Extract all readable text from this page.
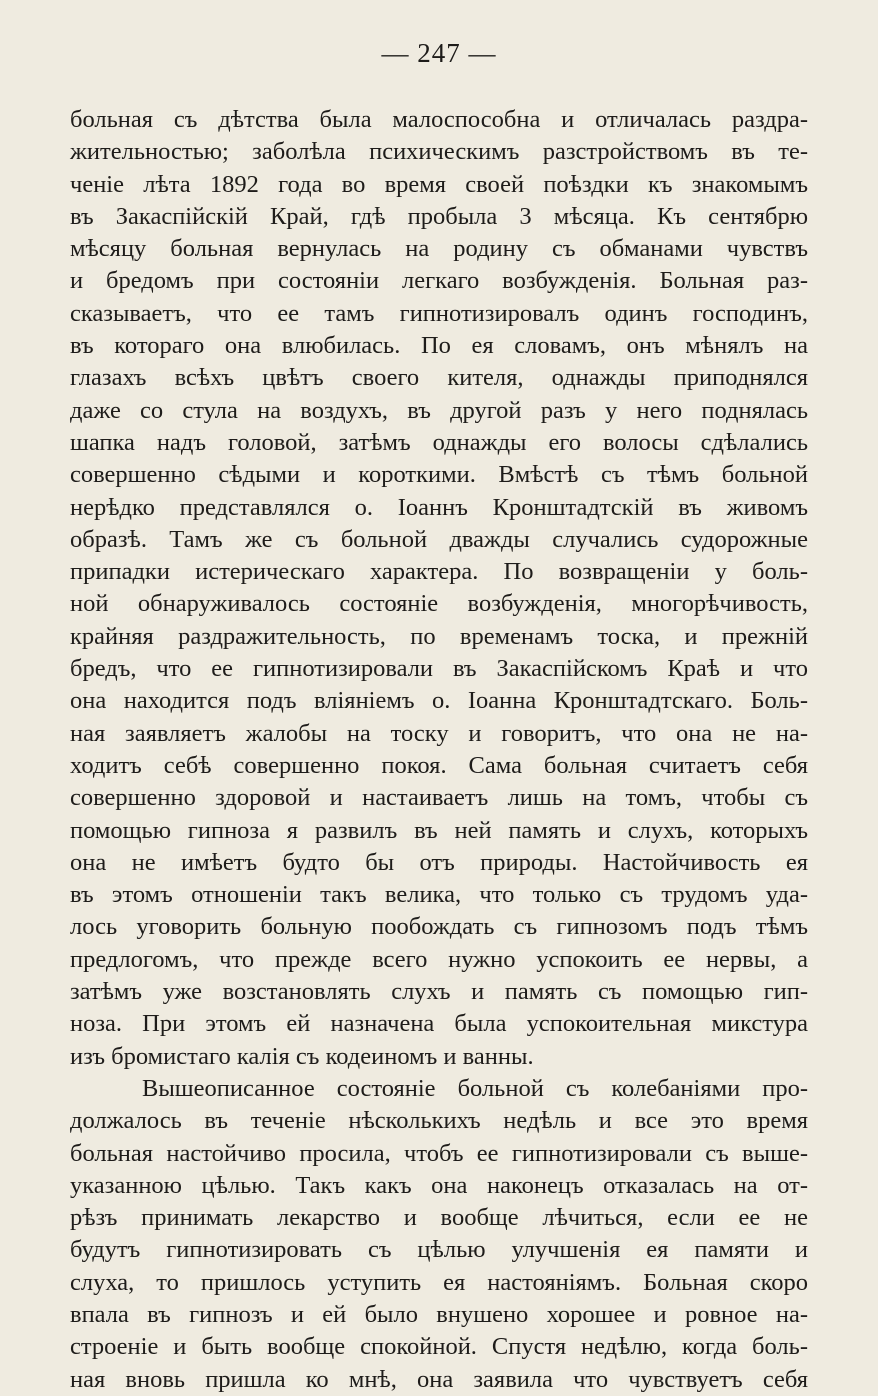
— 247 —
больная съ дѣтства была малоспособна и отличалась раздра-
жительностью; заболѣла психическимъ разстройствомъ въ те-
ченіе лѣта 1892 года во время своей поѣздки къ знакомымъ
въ Закаспійскій Край, гдѣ пробыла 3 мѣсяца. Къ сентябрю
мѣсяцу больная вернулась на родину съ обманами чувствъ
и бредомъ при состояніи легкаго возбужденія. Больная раз-
сказываетъ, что ее тамъ гипнотизировалъ одинъ господинъ,
въ котораго она влюбилась. По ея словамъ, онъ мѣнялъ на
глазахъ всѣхъ цвѣтъ своего кителя, однажды приподнялся
даже со стула на воздухъ, въ другой разъ у него поднялась
шапка надъ головой, затѣмъ однажды его волосы сдѣлались
совершенно сѣдыми и короткими. Вмѣстѣ съ тѣмъ больной
нерѣдко представлялся о. Іоаннъ Кронштадтскій въ живомъ
образѣ. Тамъ же съ больной дважды случались судорожные
припадки истерическаго характера. По возвращеніи у боль-
ной обнаруживалось состояніе возбужденія, многорѣчивость,
крайняя раздражительность, по временамъ тоска, и прежній
бредъ, что ее гипнотизировали въ Закаспійскомъ Краѣ и что
она находится подъ вліяніемъ о. Іоанна Кронштадтскаго. Боль-
ная заявляетъ жалобы на тоску и говоритъ, что она не на-
ходитъ себѣ совершенно покоя. Сама больная считаетъ себя
совершенно здоровой и настаиваетъ лишь на томъ, чтобы съ
помощью гипноза я развилъ въ ней память и слухъ, которыхъ
она не имѣетъ будто бы отъ природы. Настойчивость ея
въ этомъ отношеніи такъ велика, что только съ трудомъ уда-
лось уговорить больную пообождать съ гипнозомъ подъ тѣмъ
предлогомъ, что прежде всего нужно успокоить ее нервы, а
затѣмъ уже возстановлять слухъ и память съ помощью гип-
ноза. При этомъ ей назначена была успокоительная микстура
изъ бромистаго калія съ кодеиномъ и ванны.
Вышеописанное состояніе больной съ колебаніями про-
должалось въ теченіе нѣсколькихъ недѣль и все это время
больная настойчиво просила, чтобъ ее гипнотизировали съ выше-
указанною цѣлью. Такъ какъ она наконецъ отказалась на от-
рѣзъ принимать лекарство и вообще лѣчиться, если ее не
будутъ гипнотизировать съ цѣлью улучшенія ея памяти и
слуха, то пришлось уступить ея настояніямъ. Больная скоро
впала въ гипнозъ и ей было внушено хорошее и ровное на-
строеніе и быть вообще спокойной. Спустя недѣлю, когда боль-
ная вновь пришла ко мнѣ, она заявила что чувствуетъ себя
